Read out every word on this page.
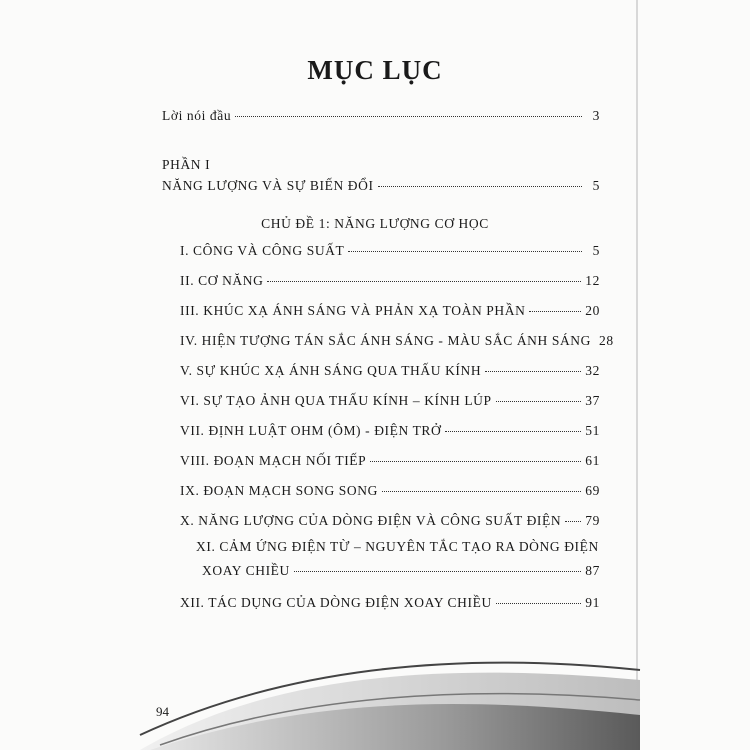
MỤC LỤC
Lời nói đầu	3
PHẦN I
NĂNG LƯỢNG VÀ SỰ BIẾN ĐỔI	5
CHỦ ĐỀ 1: NĂNG LƯỢNG CƠ HỌC
I. CÔNG VÀ CÔNG SUẤT	5
II. CƠ NĂNG	12
III. KHÚC XẠ ÁNH SÁNG VÀ PHẢN XẠ TOÀN PHẦN	20
IV. HIỆN TƯỢNG TÁN SẮC ÁNH SÁNG - MÀU SẮC ÁNH SÁNG 28
V. SỰ KHÚC XẠ ÁNH SÁNG QUA THẤU KÍNH	32
VI. SỰ TẠO ẢNH QUA THẤU KÍNH – KÍNH LÚP	37
VII. ĐỊNH LUẬT OHM (ÔM) - ĐIỆN TRỞ	51
VIII. ĐOẠN MẠCH NỐI TIẾP	61
IX. ĐOẠN MẠCH SONG SONG	69
X. NĂNG LƯỢNG CỦA DÒNG ĐIỆN VÀ CÔNG SUẤT ĐIỆN 79
XI. CẢM ỨNG ĐIỆN TỪ – NGUYÊN TẮC TẠO RA DÒNG ĐIỆN
XOAY CHIỀU	87
XII. TÁC DỤNG CỦA DÒNG ĐIỆN XOAY CHIỀU	91
94
